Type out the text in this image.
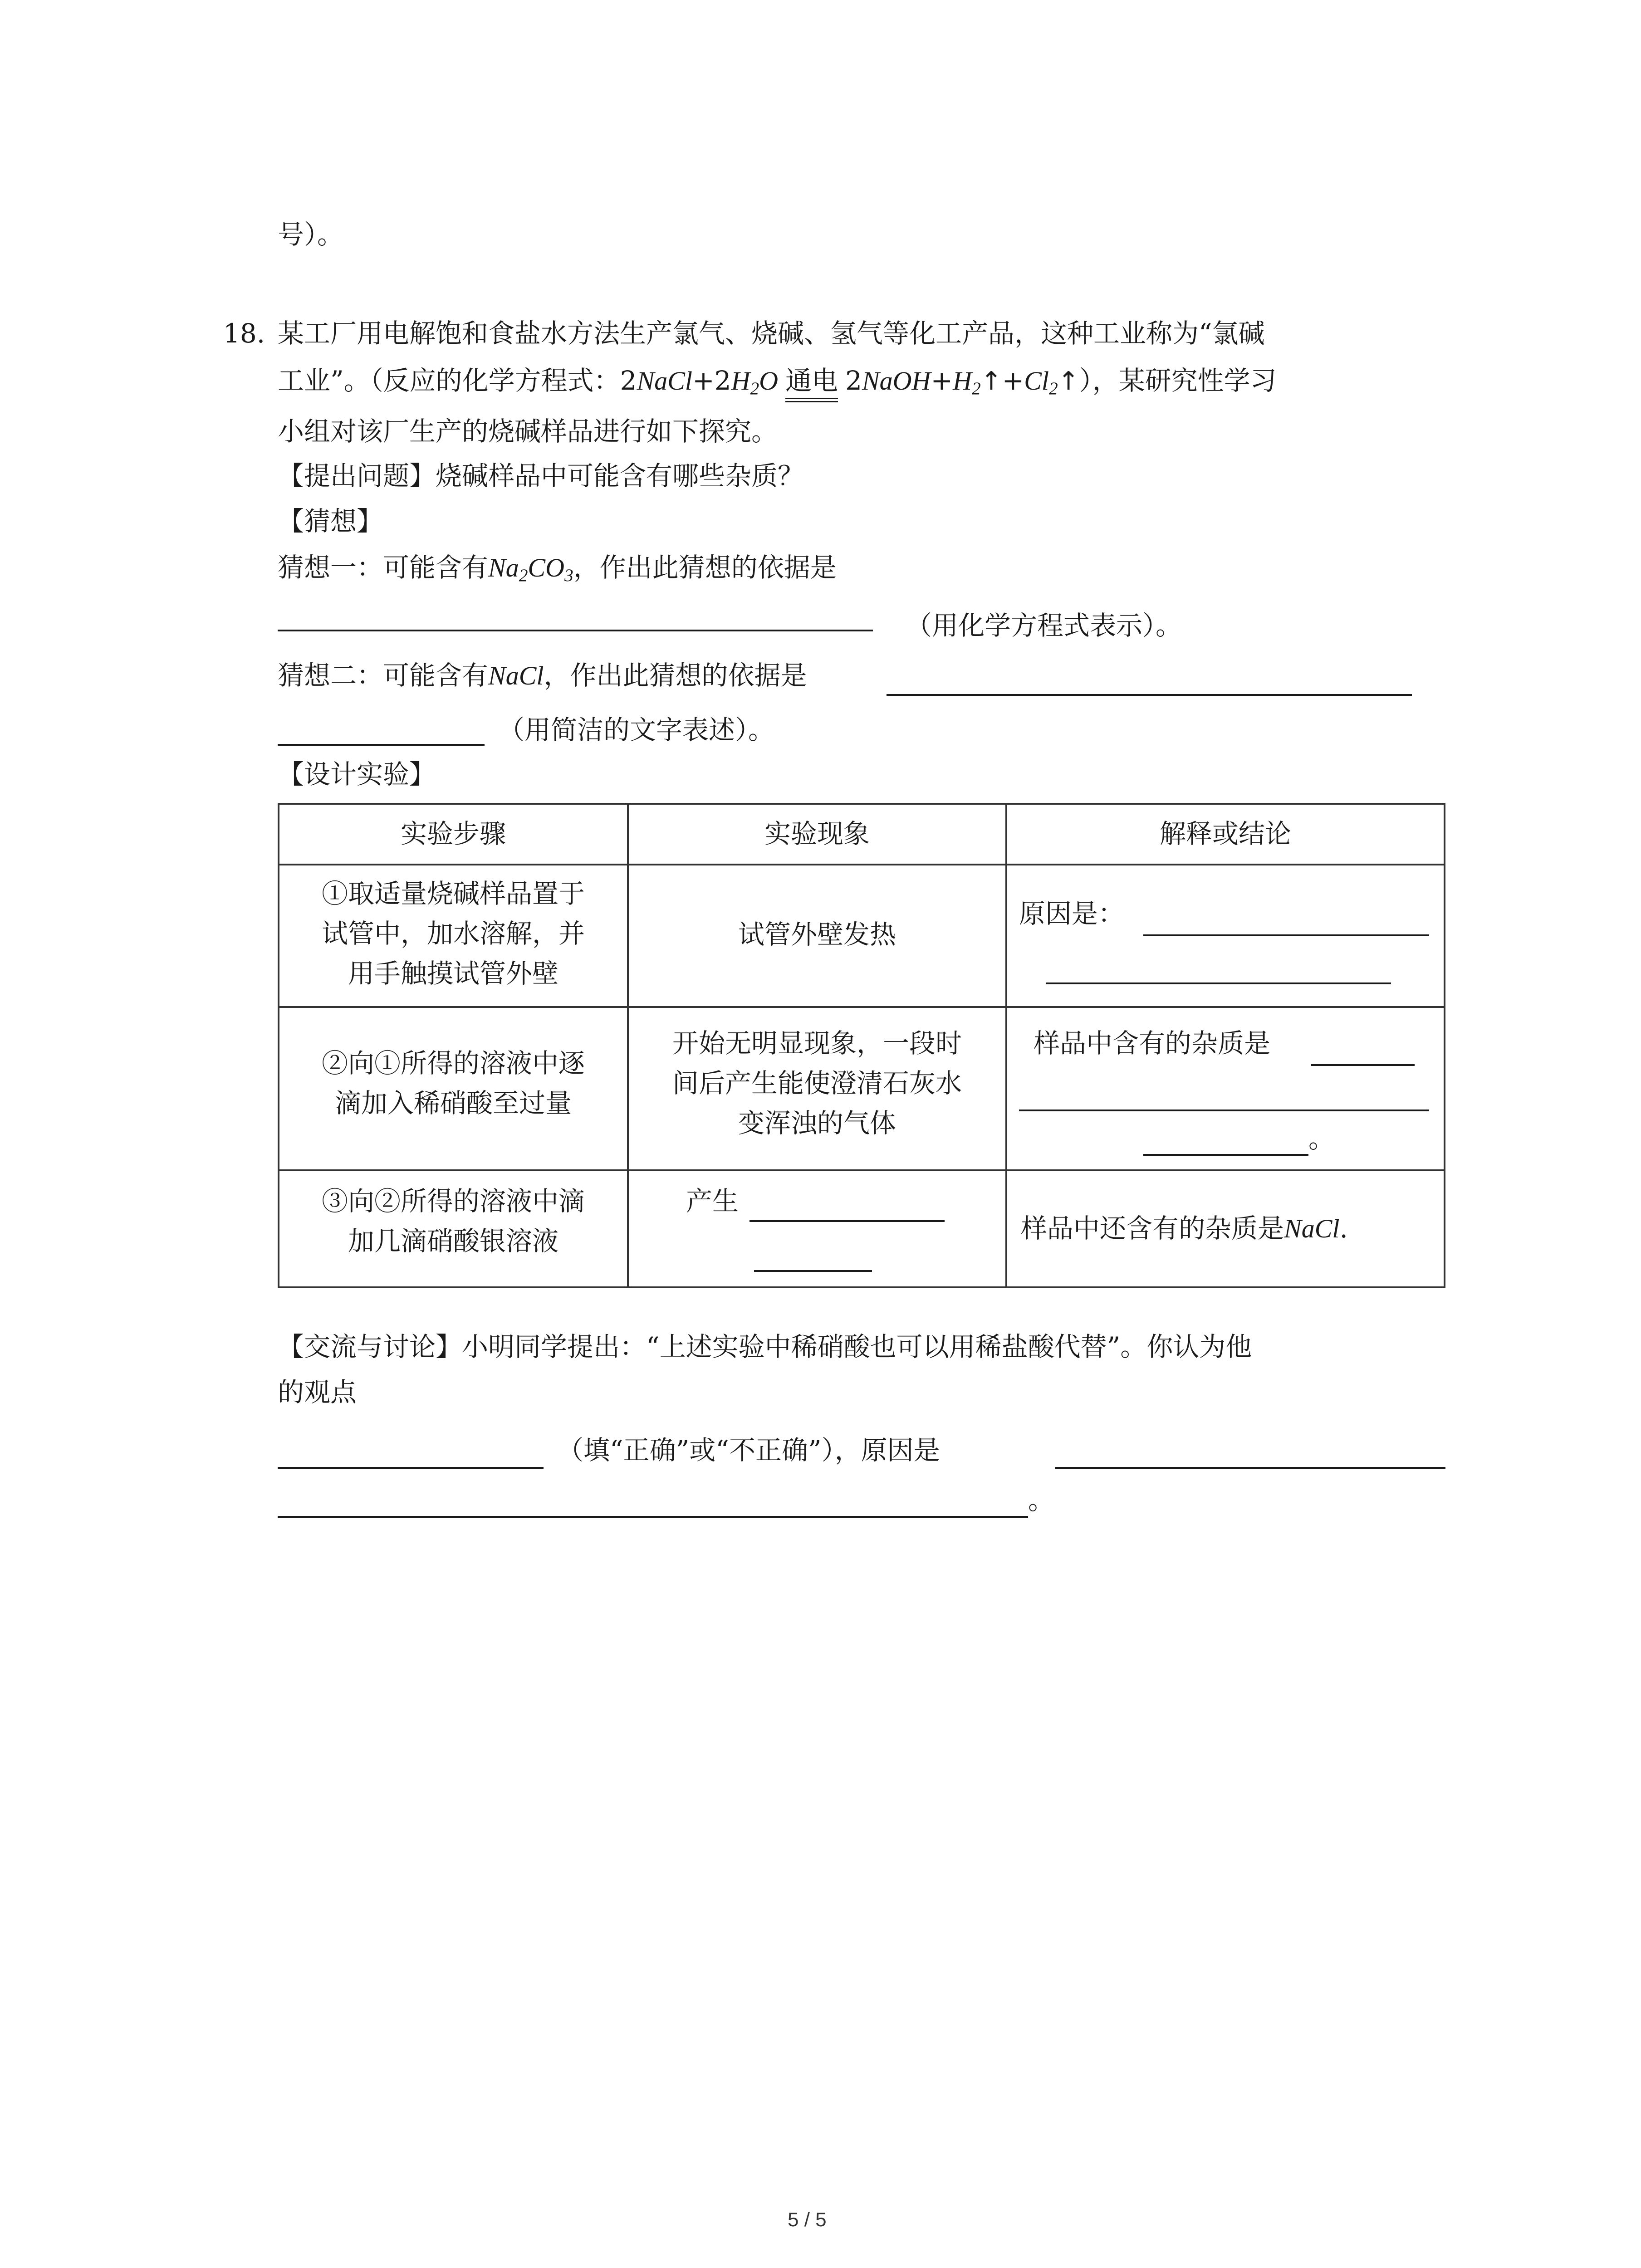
号）。
18. 某工厂用电解饱和食盐水方法生产氯气、烧碱、氢气等化工产品，这种工业称为“氯碱
工业”。（反应的化学方程式：$2NaCl+2H_2O$ 通电 $2NaOH+H_2↑+Cl_2↑$），某研究性学习
小组对该厂生产的烧碱样品进行如下探究。
【提出问题】烧碱样品中可能含有哪些杂质？
【猜想】
猜想一：可能含有$Na_2CO_3$，作出此猜想的依据是
（用化学方程式表示）。
猜想二：可能含有NaCl，作出此猜想的依据是
（用简洁的文字表述）。
【设计实验】
实验步骤	实验现象	解释或结论
①取适量烧碱样品置于
试管中，加水溶解，并
用手触摸试管外壁
试管外壁发热
原因是：
②向①所得的溶液中逐
滴加入稀硝酸至过量
开始无明显现象，一段时
间后产生能使澄清石灰水
变浑浊的气体
样品中含有的杂质是
。
③向②所得的溶液中滴
加几滴硝酸银溶液
产生
样品中还含有的杂质是NaCl.
【交流与讨论】小明同学提出：“上述实验中稀硝酸也可以用稀盐酸代替”。你认为他
的观点
（填“正确”或“不正确”），原因是
。
5 / 5
